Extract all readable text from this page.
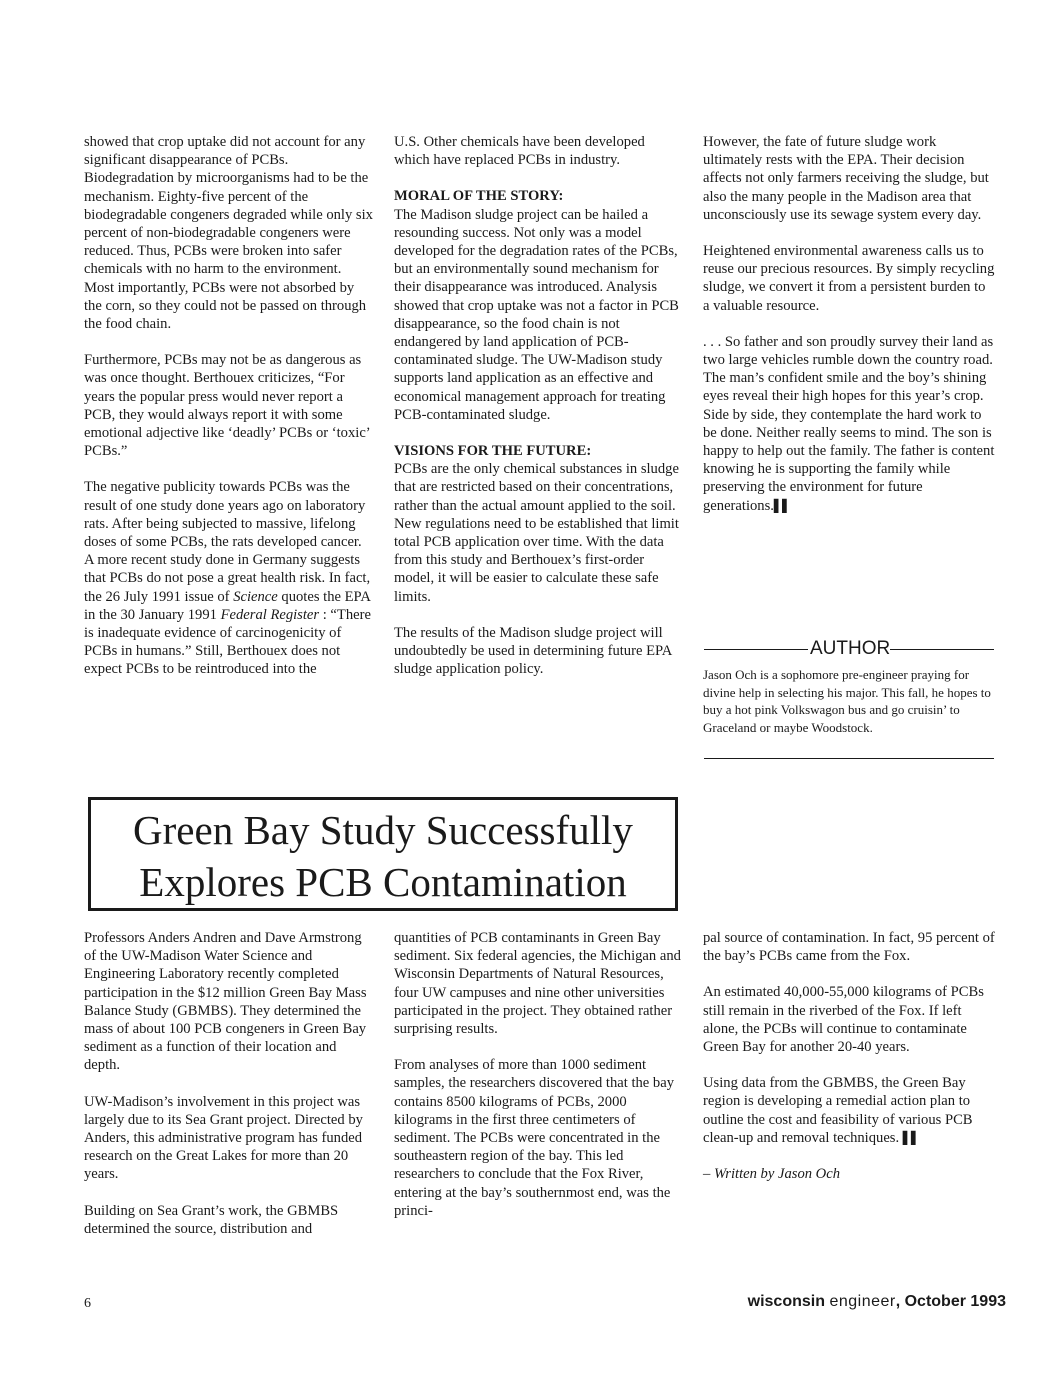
showed that crop uptake did not account for any significant disappearance of PCBs. Biodegradation by microorganisms had to be the mechanism. Eighty-five percent of the biodegradable congeners degraded while only six percent of non-biodegradable congeners were reduced. Thus, PCBs were broken into safer chemicals with no harm to the environment. Most importantly, PCBs were not absorbed by the corn, so they could not be passed on through the food chain.

Furthermore, PCBs may not be as dangerous as was once thought. Berthouex criticizes, “For years the popular press would never report a PCB, they would always report it with some emotional adjective like ‘deadly’ PCBs or ‘toxic’ PCBs.”

The negative publicity towards PCBs was the result of one study done years ago on laboratory rats. After being subjected to massive, lifelong doses of some PCBs, the rats developed cancer. A more recent study done in Germany suggests that PCBs do not pose a great health risk. In fact, the 26 July 1991 issue of Science quotes the EPA in the 30 January 1991 Federal Register : “There is inadequate evidence of carcinogenicity of PCBs in humans.” Still, Berthouex does not expect PCBs to be reintroduced into the

U.S. Other chemicals have been developed which have replaced PCBs in industry.

MORAL OF THE STORY:
The Madison sludge project can be hailed a resounding success. Not only was a model developed for the degradation rates of the PCBs, but an environmentally sound mechanism for their disappearance was introduced. Analysis showed that crop uptake was not a factor in PCB disappearance, so the food chain is not endangered by land application of PCB-contaminated sludge. The UW-Madison study supports land application as an effective and economical management approach for treating PCB-contaminated sludge.
VISIONS FOR THE FUTURE:
PCBs are the only chemical substances in sludge that are restricted based on their concentrations, rather than the actual amount applied to the soil. New regulations need to be established that limit total PCB application over time. With the data from this study and Berthouex’s first-order model, it will be easier to calculate these safe limits.

The results of the Madison sludge project will undoubtedly be used in determining future EPA sludge application policy.

However, the fate of future sludge work ultimately rests with the EPA. Their decision affects not only farmers receiving the sludge, but also the many people in the Madison area that unconsciously use its sewage system every day.

Heightened environmental awareness calls us to reuse our precious resources. By simply recycling sludge, we convert it from a persistent burden to a valuable resource.

. . . So father and son proudly survey their land as two large vehicles rumble down the country road. The man’s confident smile and the boy’s shining eyes reveal their high hopes for this year’s crop. Side by side, they contemplate the hard work to be done. Neither really seems to mind. The son is happy to help out the family. The father is content knowing he is supporting the family while preserving the environment for future generations.▌▌

AUTHOR
Jason Och is a sophomore pre-engineer praying for divine help in selecting his major. This fall, he hopes to buy a hot pink Volkswagon bus and go cruisin’ to Graceland or maybe Woodstock.
Green Bay Study Successfully
Explores PCB Contamination

Professors Anders Andren and Dave Armstrong of the UW-Madison Water Science and Engineering Laboratory recently completed participation in the $12 million Green Bay Mass Balance Study (GBMBS). They determined the mass of about 100 PCB congeners in Green Bay sediment as a function of their location and depth.

UW-Madison’s involvement in this project was largely due to its Sea Grant project. Directed by Anders, this administrative program has funded research on the Great Lakes for more than 20 years.

Building on Sea Grant’s work, the GBMBS determined the source, distribution and

quantities of PCB contaminants in Green Bay sediment. Six federal agencies, the Michigan and Wisconsin Departments of Natural Resources, four UW campuses and nine other universities participated in the project. They obtained rather surprising results.

From analyses of more than 1000 sediment samples, the researchers discovered that the bay contains 8500 kilograms of PCBs, 2000 kilograms in the first three centimeters of sediment. The PCBs were concentrated in the southeastern region of the bay. This led researchers to conclude that the Fox River, entering at the bay’s southernmost end, was the princi-

pal source of contamination. In fact, 95 percent of the bay’s PCBs came from the Fox.

An estimated 40,000-55,000 kilograms of PCBs still remain in the riverbed of the Fox. If left alone, the PCBs will continue to contaminate Green Bay for another 20-40 years.

Using data from the GBMBS, the Green Bay region is developing a remedial action plan to outline the cost and feasibility of various PCB clean-up and removal techniques. ▌▌

– Written by Jason Och

6	wisconsin engineer, October 1993
